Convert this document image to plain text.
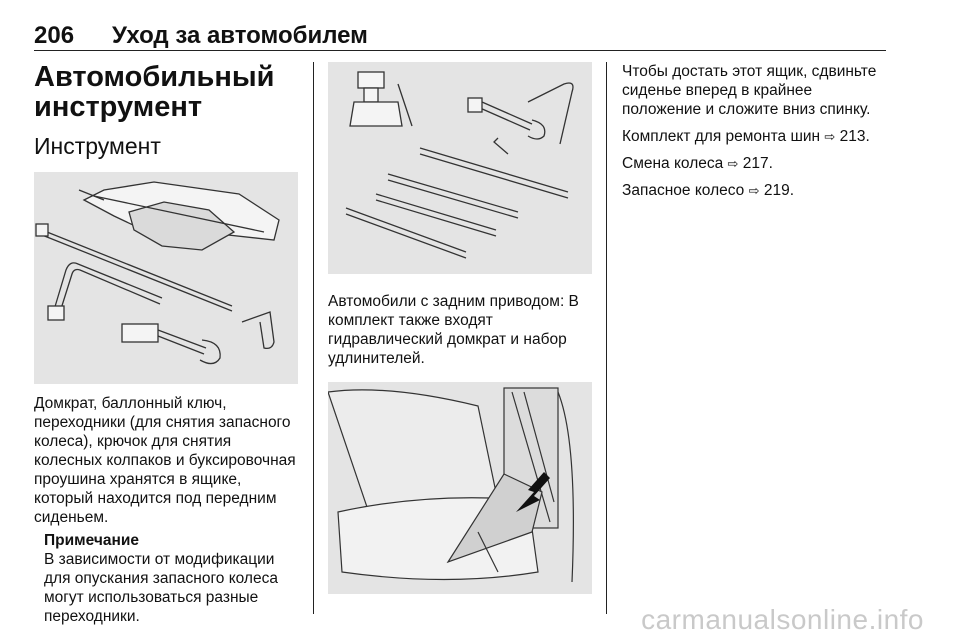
206 Уход за автомобилем
Автомобильный инструмент
Инструмент

Домкрат, баллонный ключ, переходники (для снятия запасного колеса), крючок для снятия колесных колпаков и буксировочная проушина хранятся в ящике, который находится под передним сиденьем.

Примечание

В зависимости от модификации для опускания запасного колеса могут использоваться разные переходники.

Автомобили с задним приводом: В комплект также входят гидравлический домкрат и набор удлинителей.

Чтобы достать этот ящик, сдвиньте сиденье вперед в крайнее положение и сложите вниз спинку.

Комплект для ремонта шин ⇨ 213.

Смена колеса ⇨ 217.

Запасное колесо ⇨ 219.

carmanualsonline.info
